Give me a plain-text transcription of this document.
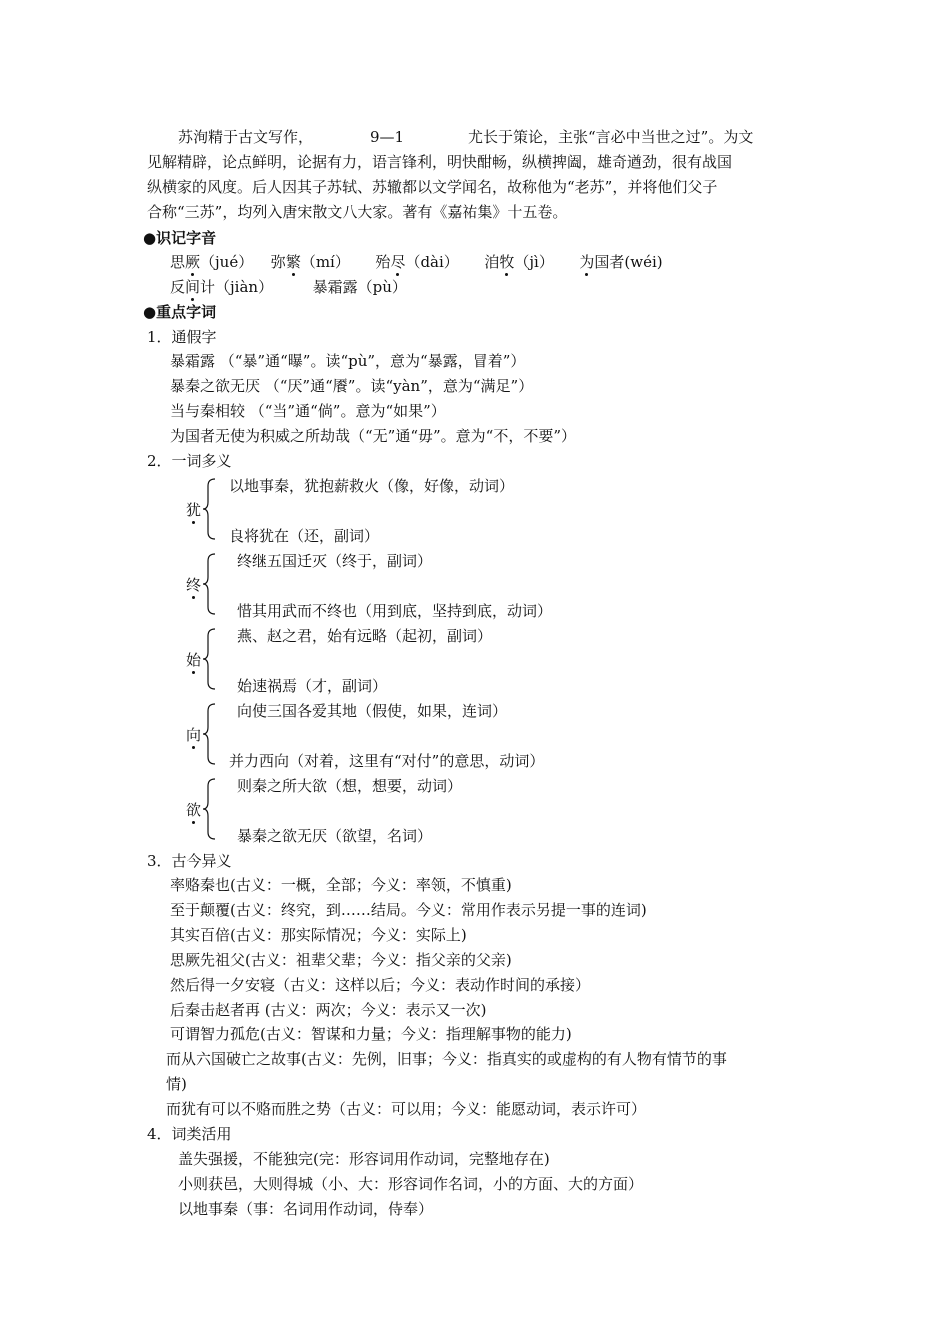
苏洵精于古文写作，	9—1	尤长于策论，主张“言必中当世之过”。为文
见解精辟，论点鲜明，论据有力，语言锋利，明快酣畅，纵横捭阖，雄奇遒劲，很有战国
纵横家的风度。后人因其子苏轼、苏辙都以文学闻名，故称他为“老苏”，并将他们父子
合称“三苏”，均列入唐宋散文八大家。著有《嘉祐集》十五卷。
●识记字音
思厥（jué） 弥繁（mí） 殆尽（dài） 洎牧（jì） 为国者(wéi)
反间计（jiàn）	暴霜露（pù）
●重点字词
1．通假字
暴霜露 （“暴”通“曝”。读“pù”，意为“暴露，冒着”）
暴秦之欲无厌 （“厌”通“餍”。读“yàn”，意为“满足”）
当与秦相较 （“当”通“倘”。意为“如果”）
为国者无使为积威之所劫哉（“无”通“毋”。意为“不，不要”）
2．一词多义
以地事秦，犹抱薪救火（像，好像，动词）
犹
良将犹在（还，副词）
终继五国迁灭（终于，副词）
终
惜其用武而不终也（用到底，坚持到底，动词）
燕、赵之君，始有远略（起初，副词）
始
始速祸焉（才，副词）
向使三国各爱其地（假使，如果，连词）
向
并力西向（对着，这里有“对付”的意思，动词）
则秦之所大欲（想，想要，动词）
欲
暴秦之欲无厌（欲望，名词）
3．古今异义
率赂秦也(古义：一概，全部；今义：率领，不慎重)
至于颠覆(古义：终究，到……结局。今义：常用作表示另提一事的连词)
其实百倍(古义：那实际情况；今义：实际上)
思厥先祖父(古义：祖辈父辈；今义：指父亲的父亲)
然后得一夕安寝（古义：这样以后；今义：表动作时间的承接）
后秦击赵者再 (古义：两次；今义：表示又一次)
可谓智力孤危(古义：智谋和力量；今义：指理解事物的能力)
而从六国破亡之故事(古义：先例，旧事；今义：指真实的或虚构的有人物有情节的事
情)
而犹有可以不赂而胜之势（古义：可以用；今义：能愿动词，表示许可）
4．词类活用
盖失强援，不能独完(完：形容词用作动词，完整地存在)
小则获邑，大则得城（小、大：形容词作名词，小的方面、大的方面）
以地事秦（事：名词用作动词，侍奉）
